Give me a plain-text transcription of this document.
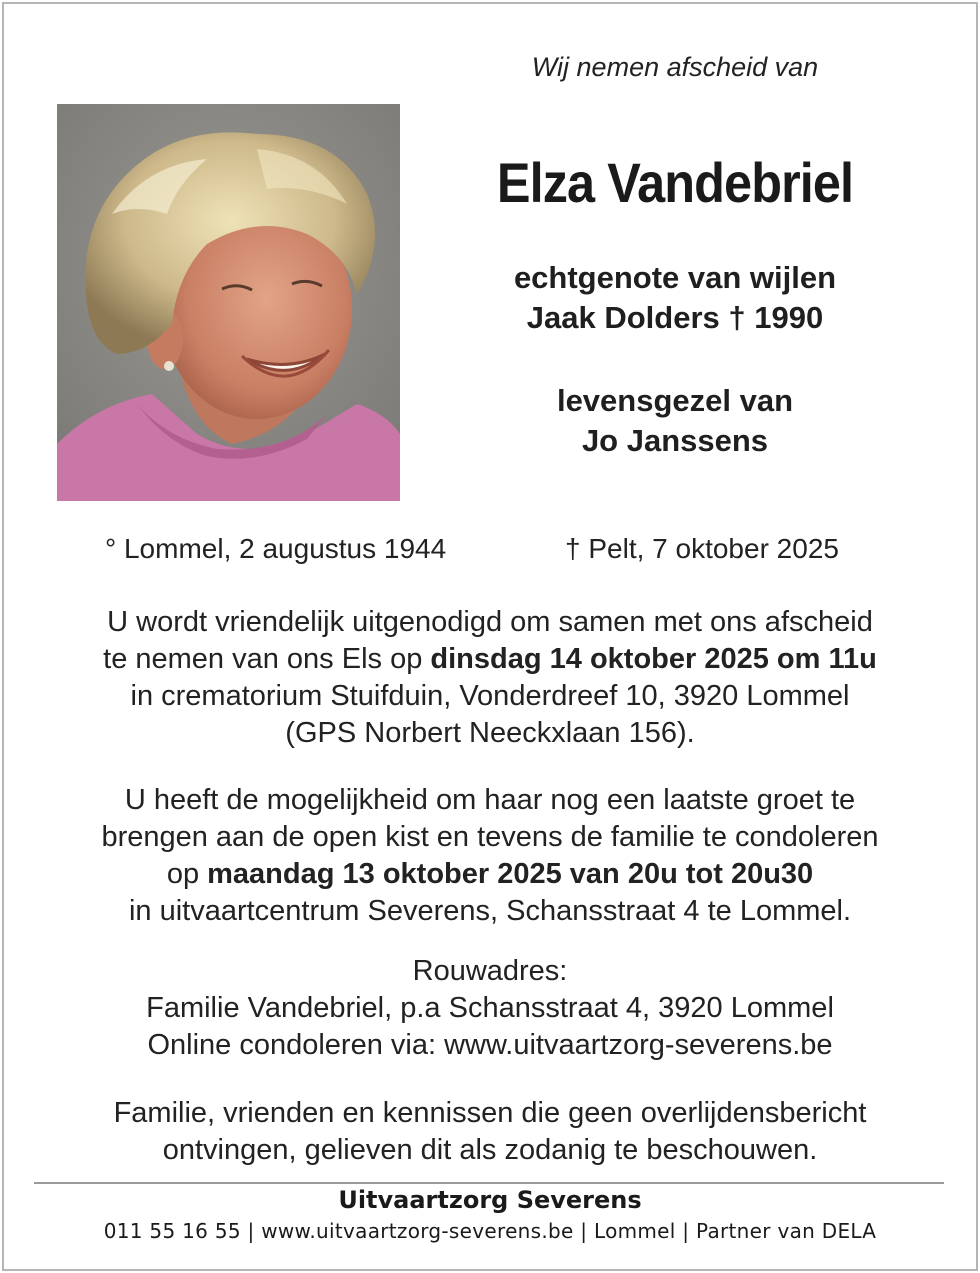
Wij nemen afscheid van
Elza Vandebriel
echtgenote van wijlen
Jaak Dolders † 1990
levensgezel van
Jo Janssens
° Lommel, 2 augustus 1944	† Pelt, 7 oktober 2025

U wordt vriendelijk uitgenodigd om samen met ons afscheid

te nemen van ons Els op dinsdag 14 oktober 2025 om 11u

in crematorium Stuifduin, Vonderdreef 10, 3920 Lommel

(GPS Norbert Neeckxlaan 156).

U heeft de mogelijkheid om haar nog een laatste groet te

brengen aan de open kist en tevens de familie te condoleren

op maandag 13 oktober 2025 van 20u tot 20u30

in uitvaartcentrum Severens, Schansstraat 4 te Lommel.

Rouwadres:

Familie Vandebriel, p.a Schansstraat 4, 3920 Lommel

Online condoleren via: www.uitvaartzorg-severens.be

Familie, vrienden en kennissen die geen overlijdensbericht

ontvingen, gelieven dit als zodanig te beschouwen.

Uitvaartzorg Severens
011 55 16 55 | www.uitvaartzorg-severens.be | Lommel | Partner van DELA
